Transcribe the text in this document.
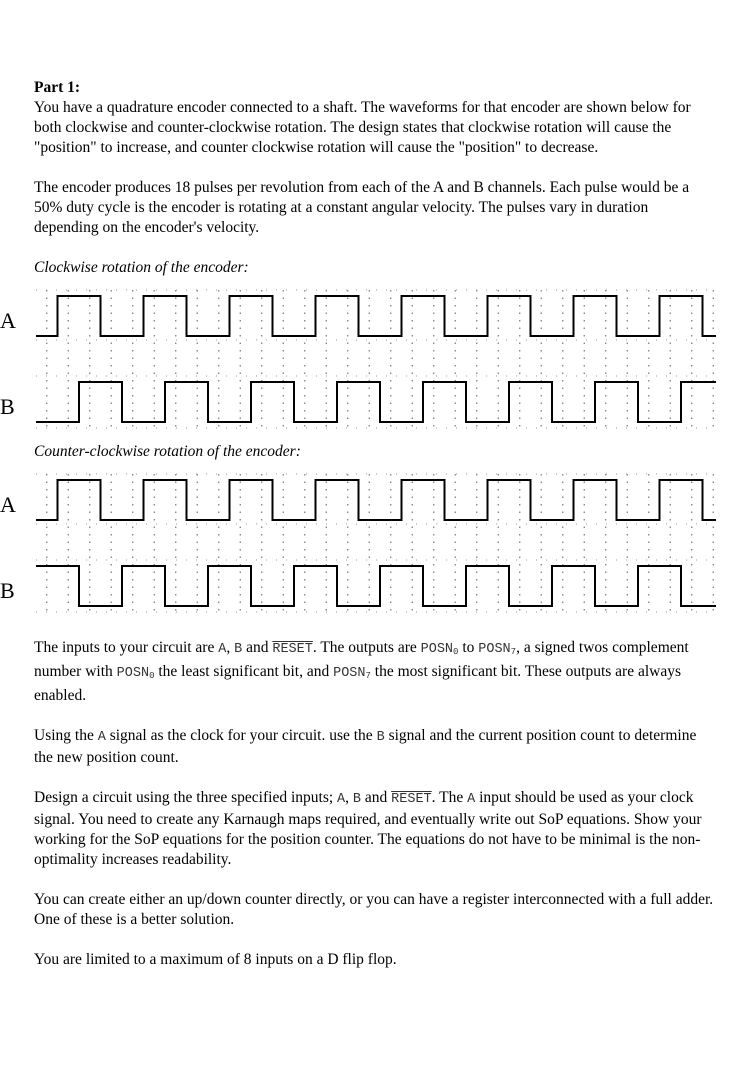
Part 1:

You have a quadrature encoder connected to a shaft. The waveforms for that encoder are shown below for both clockwise and counter-clockwise rotation. The design states that clockwise rotation will cause the "position" to increase, and counter clockwise rotation will cause the "position" to decrease.

The encoder produces 18 pulses per revolution from each of the A and B channels. Each pulse would be a 50% duty cycle is the encoder is rotating at a constant angular velocity. The pulses vary in duration depending on the encoder's velocity.

Clockwise rotation of the encoder:

A
B

Counter-clockwise rotation of the encoder:

A
B

The inputs to your circuit are A, B and RESET. The outputs are $POSN_0$ to $POSN_7$, a signed twos complement number with $POSN_0$ the least significant bit, and $POSN_7$ the most significant bit. These outputs are always enabled.

Using the A signal as the clock for your circuit. use the B signal and the current position count to determine the new position count.

Design a circuit using the three specified inputs; A, B and RESET. The A input should be used as your clock signal. You need to create any Karnaugh maps required, and eventually write out SoP equations. Show your working for the SoP equations for the position counter. The equations do not have to be minimal is the non-optimality increases readability.

You can create either an up/down counter directly, or you can have a register interconnected with a full adder. One of these is a better solution.

You are limited to a maximum of 8 inputs on a D flip flop.
